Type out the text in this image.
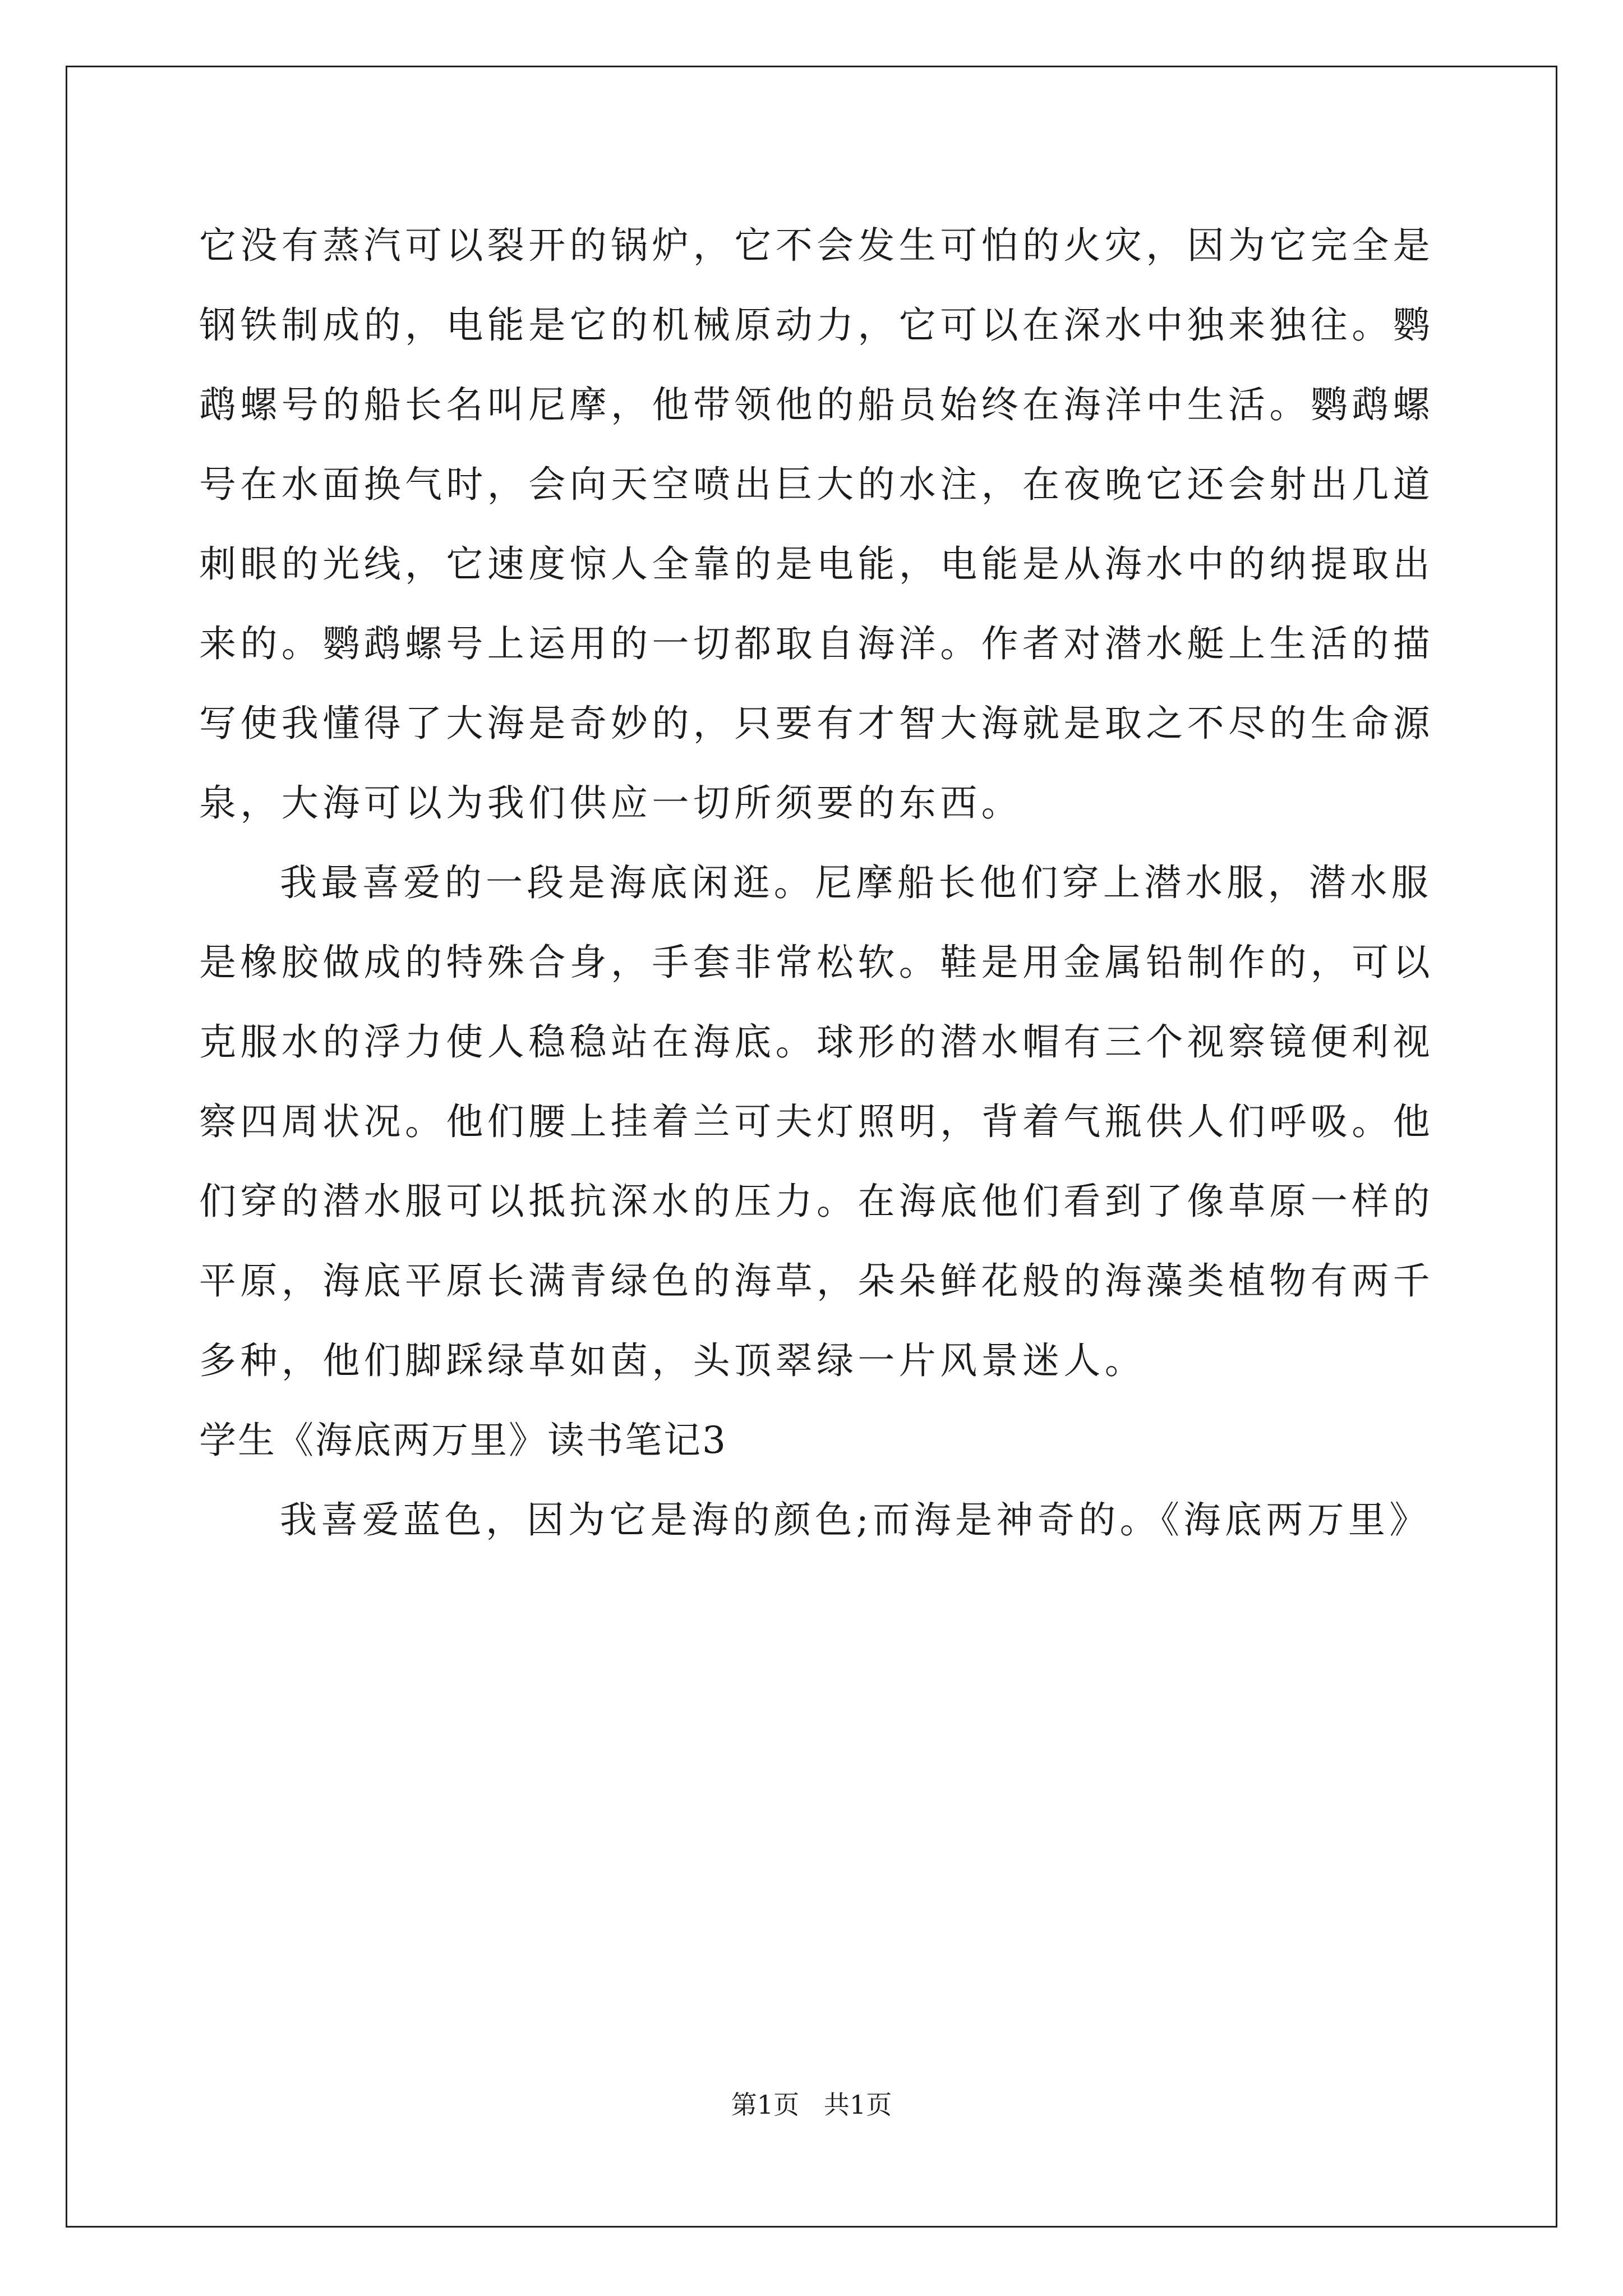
它没有蒸汽可以裂开的锅炉，它不会发生可怕的火灾，因为它完全是
钢铁制成的，电能是它的机械原动力，它可以在深水中独来独往。鹦
鹉螺号的船长名叫尼摩，他带领他的船员始终在海洋中生活。鹦鹉螺
号在水面换气时，会向天空喷出巨大的水注，在夜晚它还会射出几道
刺眼的光线，它速度惊人全靠的是电能，电能是从海水中的纳提取出
来的。鹦鹉螺号上运用的一切都取自海洋。作者对潜水艇上生活的描
写使我懂得了大海是奇妙的，只要有才智大海就是取之不尽的生命源
泉，大海可以为我们供应一切所须要的东西。
我最喜爱的一段是海底闲逛。尼摩船长他们穿上潜水服，潜水服
是橡胶做成的特殊合身，手套非常松软。鞋是用金属铅制作的，可以
克服水的浮力使人稳稳站在海底。球形的潜水帽有三个视察镜便利视
察四周状况。他们腰上挂着兰可夫灯照明，背着气瓶供人们呼吸。他
们穿的潜水服可以抵抗深水的压力。在海底他们看到了像草原一样的
平原，海底平原长满青绿色的海草，朵朵鲜花般的海藻类植物有两千
多种，他们脚踩绿草如茵，头顶翠绿一片风景迷人。
学生《海底两万里》读书笔记3
我喜爱蓝色，因为它是海的颜色;而海是神奇的。《海底两万里》
第1页   共1页
